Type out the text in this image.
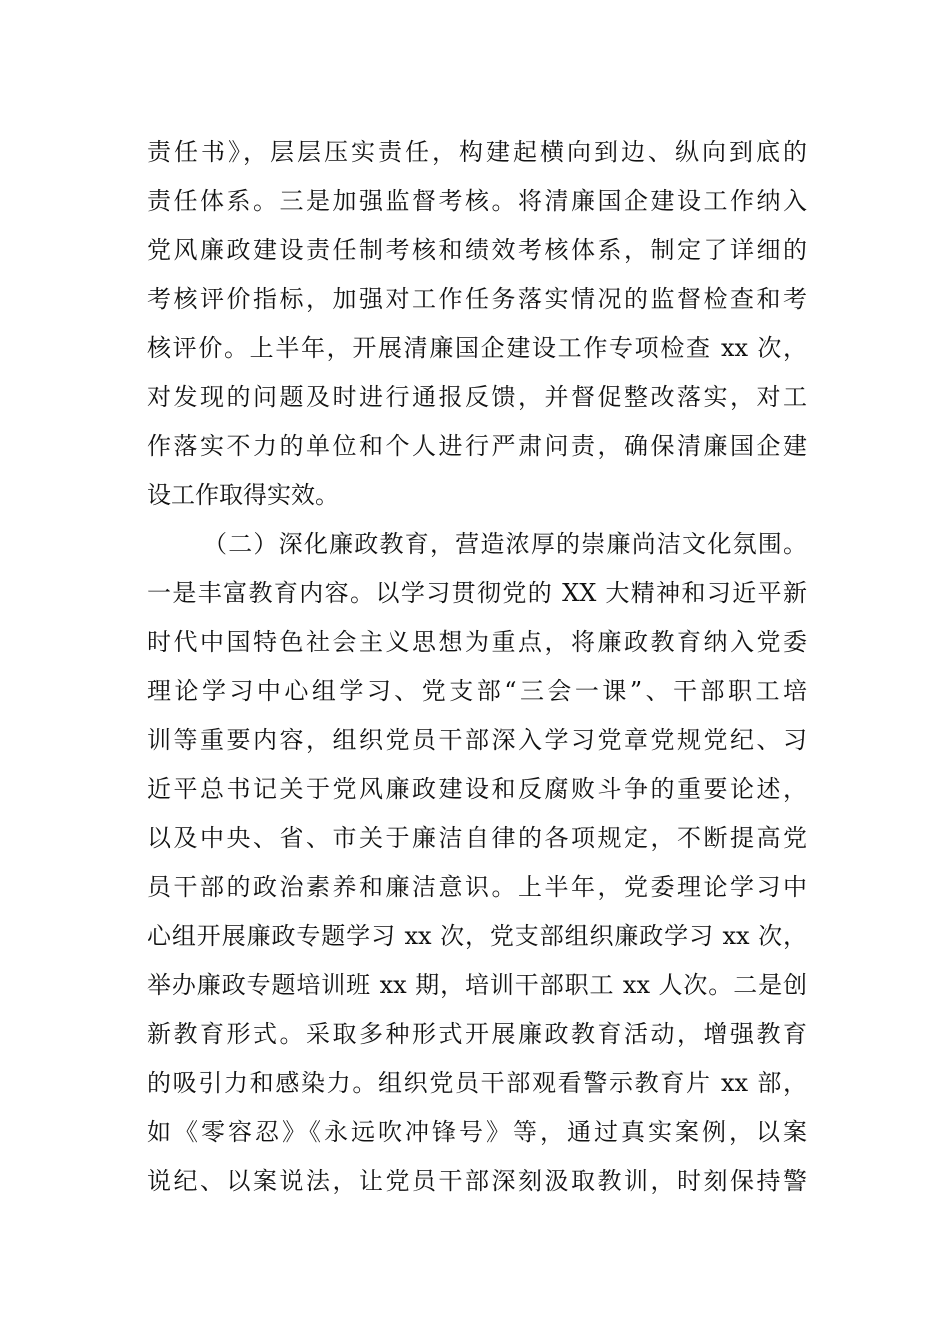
责任书》，层层压实责任，构建起横向到边、纵向到底的
责任体系。三是加强监督考核。将清廉国企建设工作纳入
党风廉政建设责任制考核和绩效考核体系，制定了详细的
考核评价指标，加强对工作任务落实情况的监督检查和考
核评价。上半年，开展清廉国企建设工作专项检查 xx 次，
对发现的问题及时进行通报反馈，并督促整改落实，对工
作落实不力的单位和个人进行严肃问责，确保清廉国企建
设工作取得实效。
（二）深化廉政教育，营造浓厚的崇廉尚洁文化氛围。
一是丰富教育内容。以学习贯彻党的 XX 大精神和习近平新
时代中国特色社会主义思想为重点，将廉政教育纳入党委
理论学习中心组学习、党支部“三会一课”、干部职工培
训等重要内容，组织党员干部深入学习党章党规党纪、习
近平总书记关于党风廉政建设和反腐败斗争的重要论述，
以及中央、省、市关于廉洁自律的各项规定，不断提高党
员干部的政治素养和廉洁意识。上半年，党委理论学习中
心组开展廉政专题学习 xx 次，党支部组织廉政学习 xx 次，
举办廉政专题培训班 xx 期，培训干部职工 xx 人次。二是创
新教育形式。采取多种形式开展廉政教育活动，增强教育
的吸引力和感染力。组织党员干部观看警示教育片 xx 部，
如《零容忍》《永远吹冲锋号》等，通过真实案例，以案
说纪、以案说法，让党员干部深刻汲取教训，时刻保持警
